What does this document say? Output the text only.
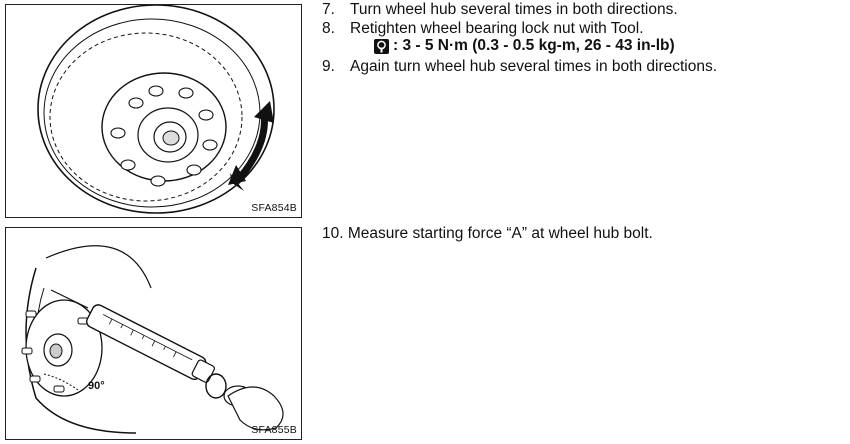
SFA854B
90°
SFA855B
7. Turn wheel hub several times in both directions.
8. Retighten wheel bearing lock nut with Tool.
9. Again turn wheel hub several times in both directions.
: 3 - 5 N·m (0.3 - 0.5 kg-m, 26 - 43 in-lb)
10. Measure starting force “A” at wheel hub bolt.
